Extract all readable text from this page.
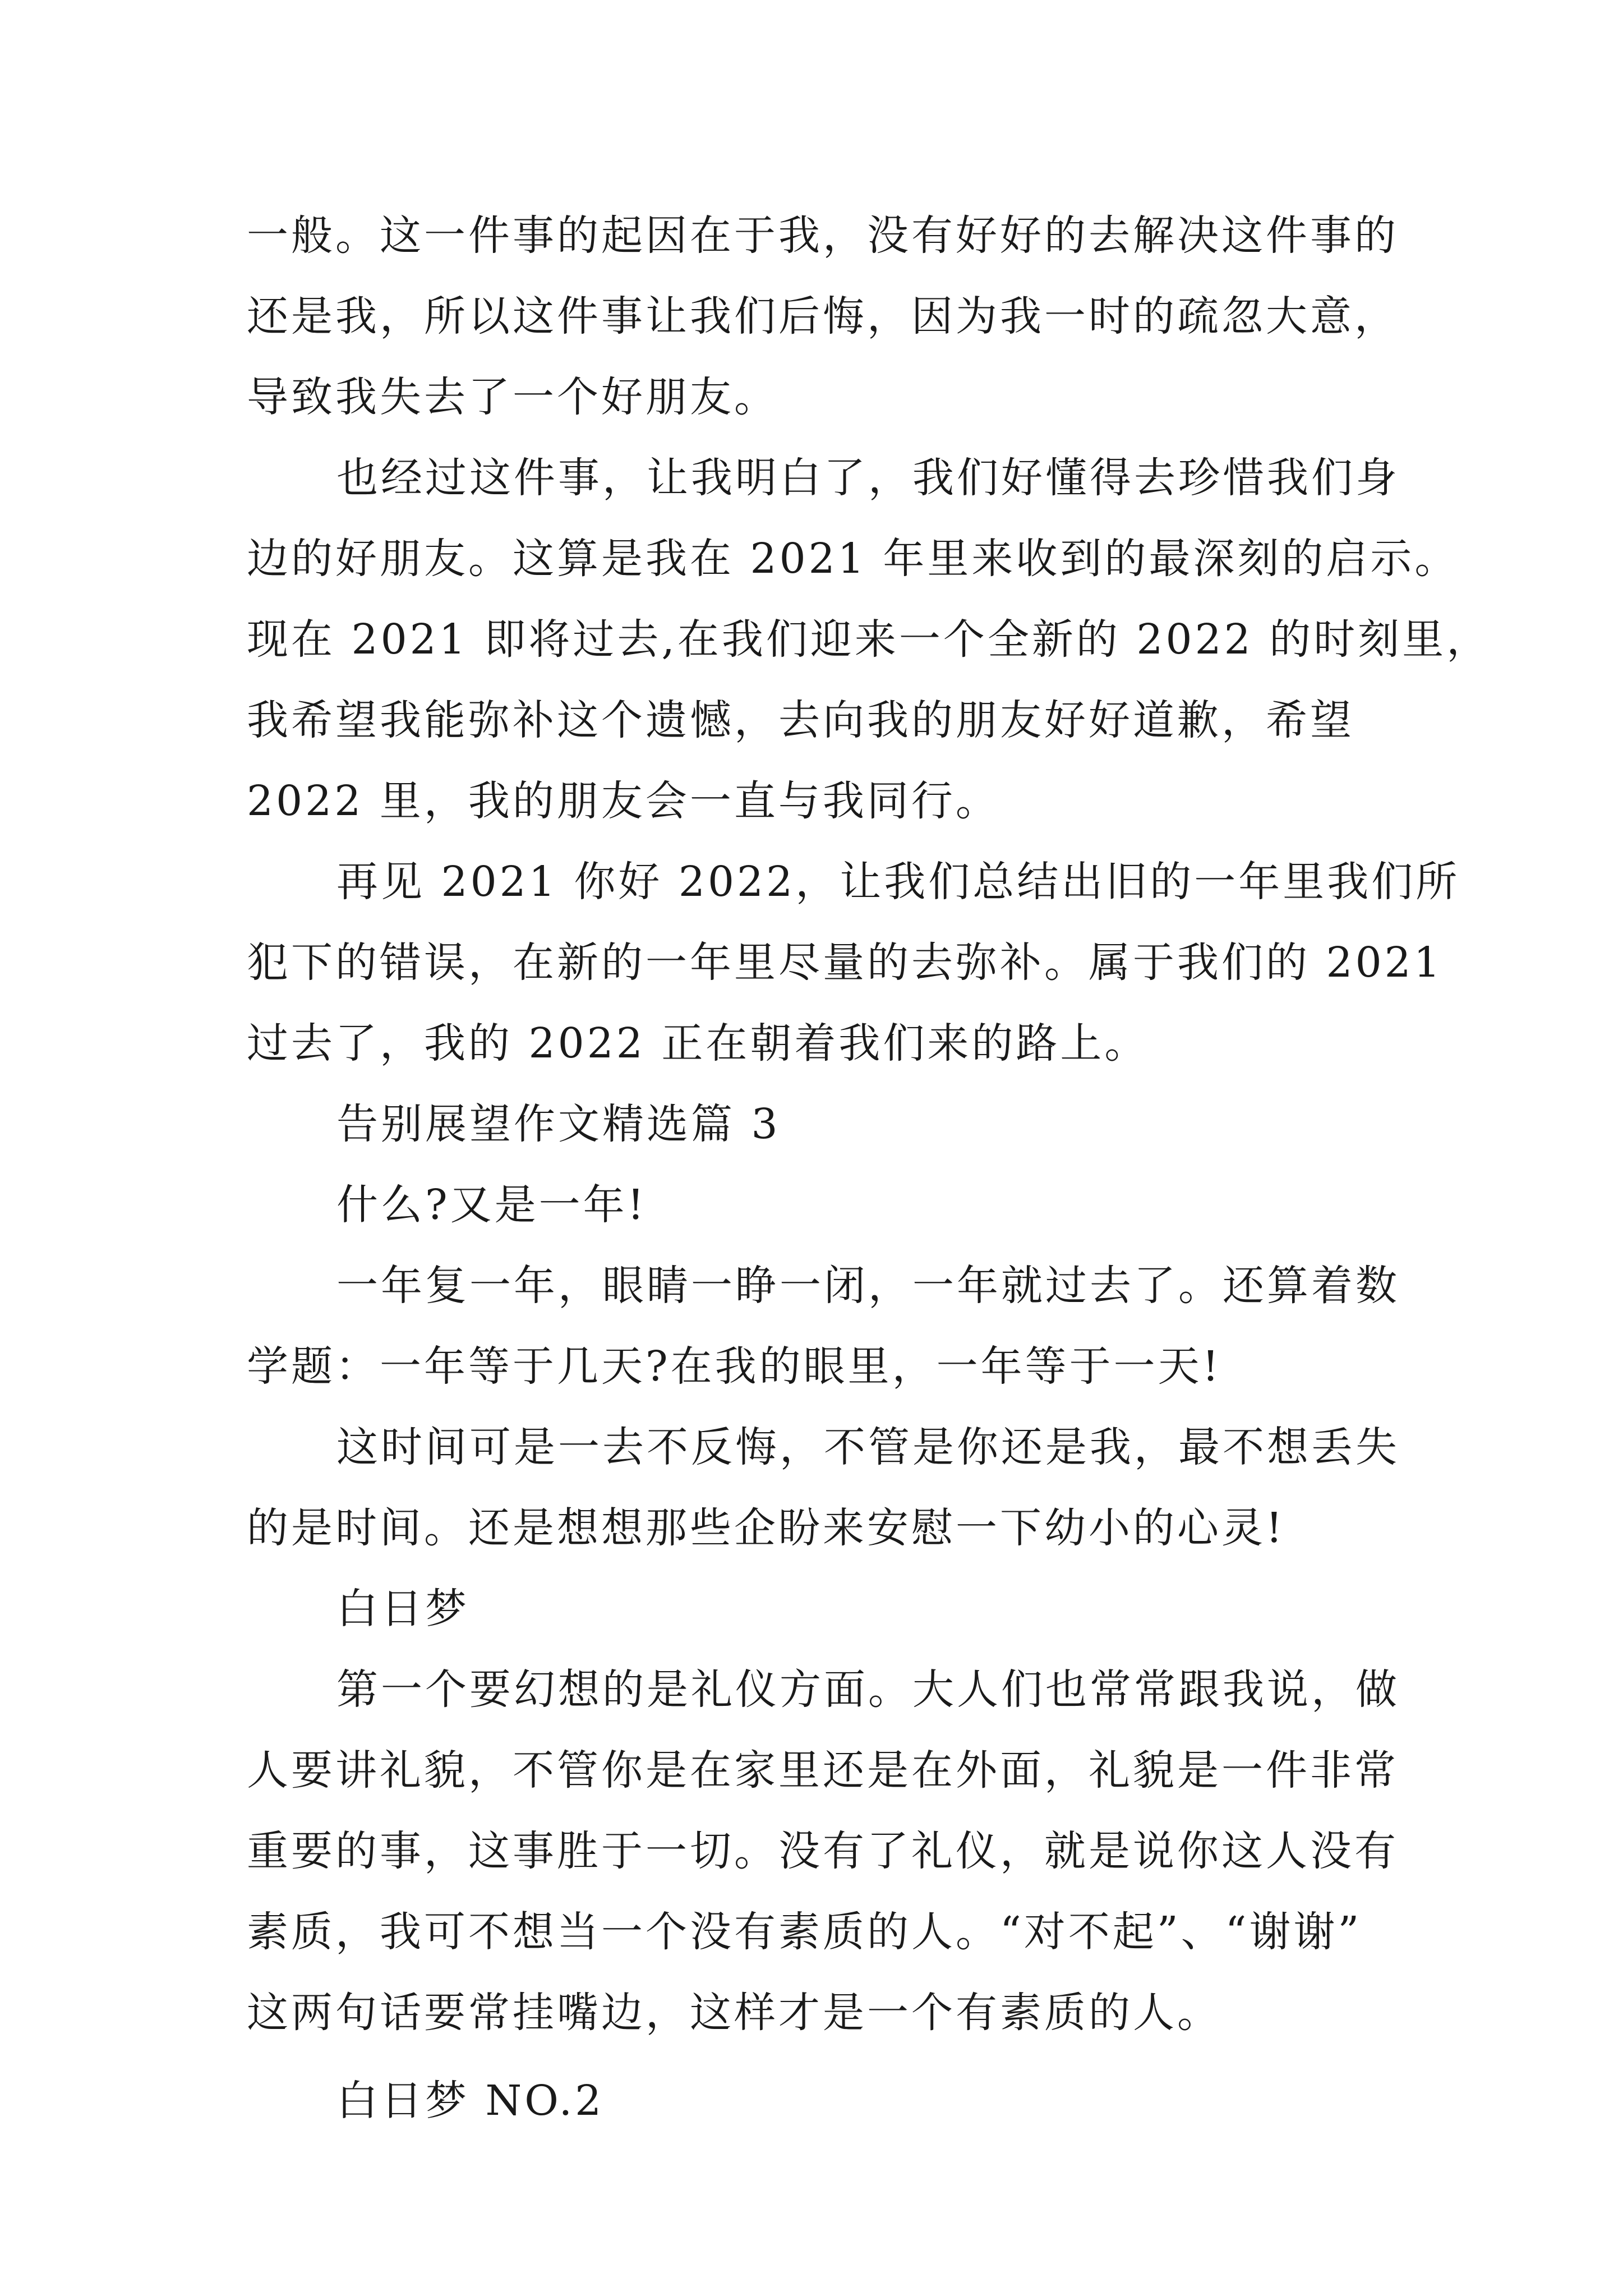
一般。这一件事的起因在于我，没有好好的去解决这件事的
还是我，所以这件事让我们后悔，因为我一时的疏忽大意，
导致我失去了一个好朋友。
也经过这件事，让我明白了，我们好懂得去珍惜我们身
边的好朋友。这算是我在 2021 年里来收到的最深刻的启示。
现在 2021 即将过去,在我们迎来一个全新的 2022 的时刻里，
我希望我能弥补这个遗憾，去向我的朋友好好道歉，希望
2022 里，我的朋友会一直与我同行。
再见 2021 你好 2022，让我们总结出旧的一年里我们所
犯下的错误，在新的一年里尽量的去弥补。属于我们的 2021
过去了，我的 2022 正在朝着我们来的路上。
告别展望作文精选篇 3
什么?又是一年!
一年复一年，眼睛一睁一闭，一年就过去了。还算着数
学题：一年等于几天?在我的眼里，一年等于一天!
这时间可是一去不反悔，不管是你还是我，最不想丢失
的是时间。还是想想那些企盼来安慰一下幼小的心灵!
白日梦
第一个要幻想的是礼仪方面。大人们也常常跟我说，做
人要讲礼貌，不管你是在家里还是在外面，礼貌是一件非常
重要的事，这事胜于一切。没有了礼仪，就是说你这人没有
素质，我可不想当一个没有素质的人。“对不起”、“谢谢”
这两句话要常挂嘴边，这样才是一个有素质的人。
白日梦 NO.2
